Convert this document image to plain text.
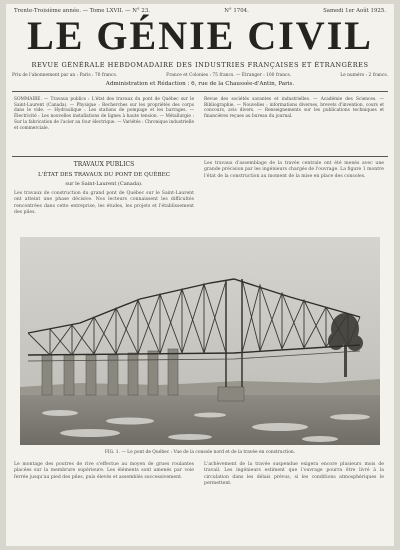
Trente-Troisième année. — Tome LXVII. — N° 23.	N° 1704.	Samedi 1er Août 1925.
LE GÉNIE CIVIL
REVUE GÉNÉRALE HEBDOMADAIRE DES INDUSTRIES FRANÇAISES ET ÉTRANGÈRES
Prix de l'abonnement par an : Paris : 70 francs.	France et Colonies : 75 francs. — Étranger : 100 francs.	Le numéro : 2 francs.
Administration et Rédaction : 6, rue de la Chaussée-d'Antin, Paris.
SOMMAIRE. — Travaux publics : L'état des travaux du pont de Québec sur le Saint-Laurent (Canada). — Physique : Recherches sur les propriétés des corps dans le vide. — Hydraulique : Les stations de pompage et les barrages. — Électricité : Les nouvelles installations de lignes à haute tension. — Métallurgie : Sur la fabrication de l'acier au four électrique. — Variétés : Chronique industrielle et commerciale.
Revue des sociétés savantes et industrielles. — Académie des Sciences. — Bibliographie. — Nouvelles : informations diverses, brevets d'invention, cours et concours, avis divers. — Renseignements sur les publications techniques et financières reçues au bureau du journal.
TRAVAUX PUBLICS
L'ÉTAT DES TRAVAUX DU PONT DE QUÉBEC
sur le Saint-Laurent (Canada).
Les travaux de construction du grand pont de Québec sur le Saint-Laurent ont atteint une phase décisive. Nos lecteurs connaissent les difficultés rencontrées dans cette entreprise, les études, les projets et l'établissement des piles.
Les travaux d'assemblage de la travée centrale ont été menés avec une grande précision par les ingénieurs chargés de l'ouvrage. La figure 1 montre l'état de la construction au moment de la mise en place des consoles.
FIG. 1. — Le pont de Québec : Vue de la console nord et de la travée en construction.
Le montage des poutres de rive s'effectue au moyen de grues roulantes placées sur la membrure supérieure. Les éléments sont amenés par voie ferrée jusqu'au pied des piles, puis élevés et assemblés successivement.
L'achèvement de la travée suspendue exigera encore plusieurs mois de travail. Les ingénieurs estiment que l'ouvrage pourra être livré à la circulation dans les délais prévus, si les conditions atmosphériques le permettent.
